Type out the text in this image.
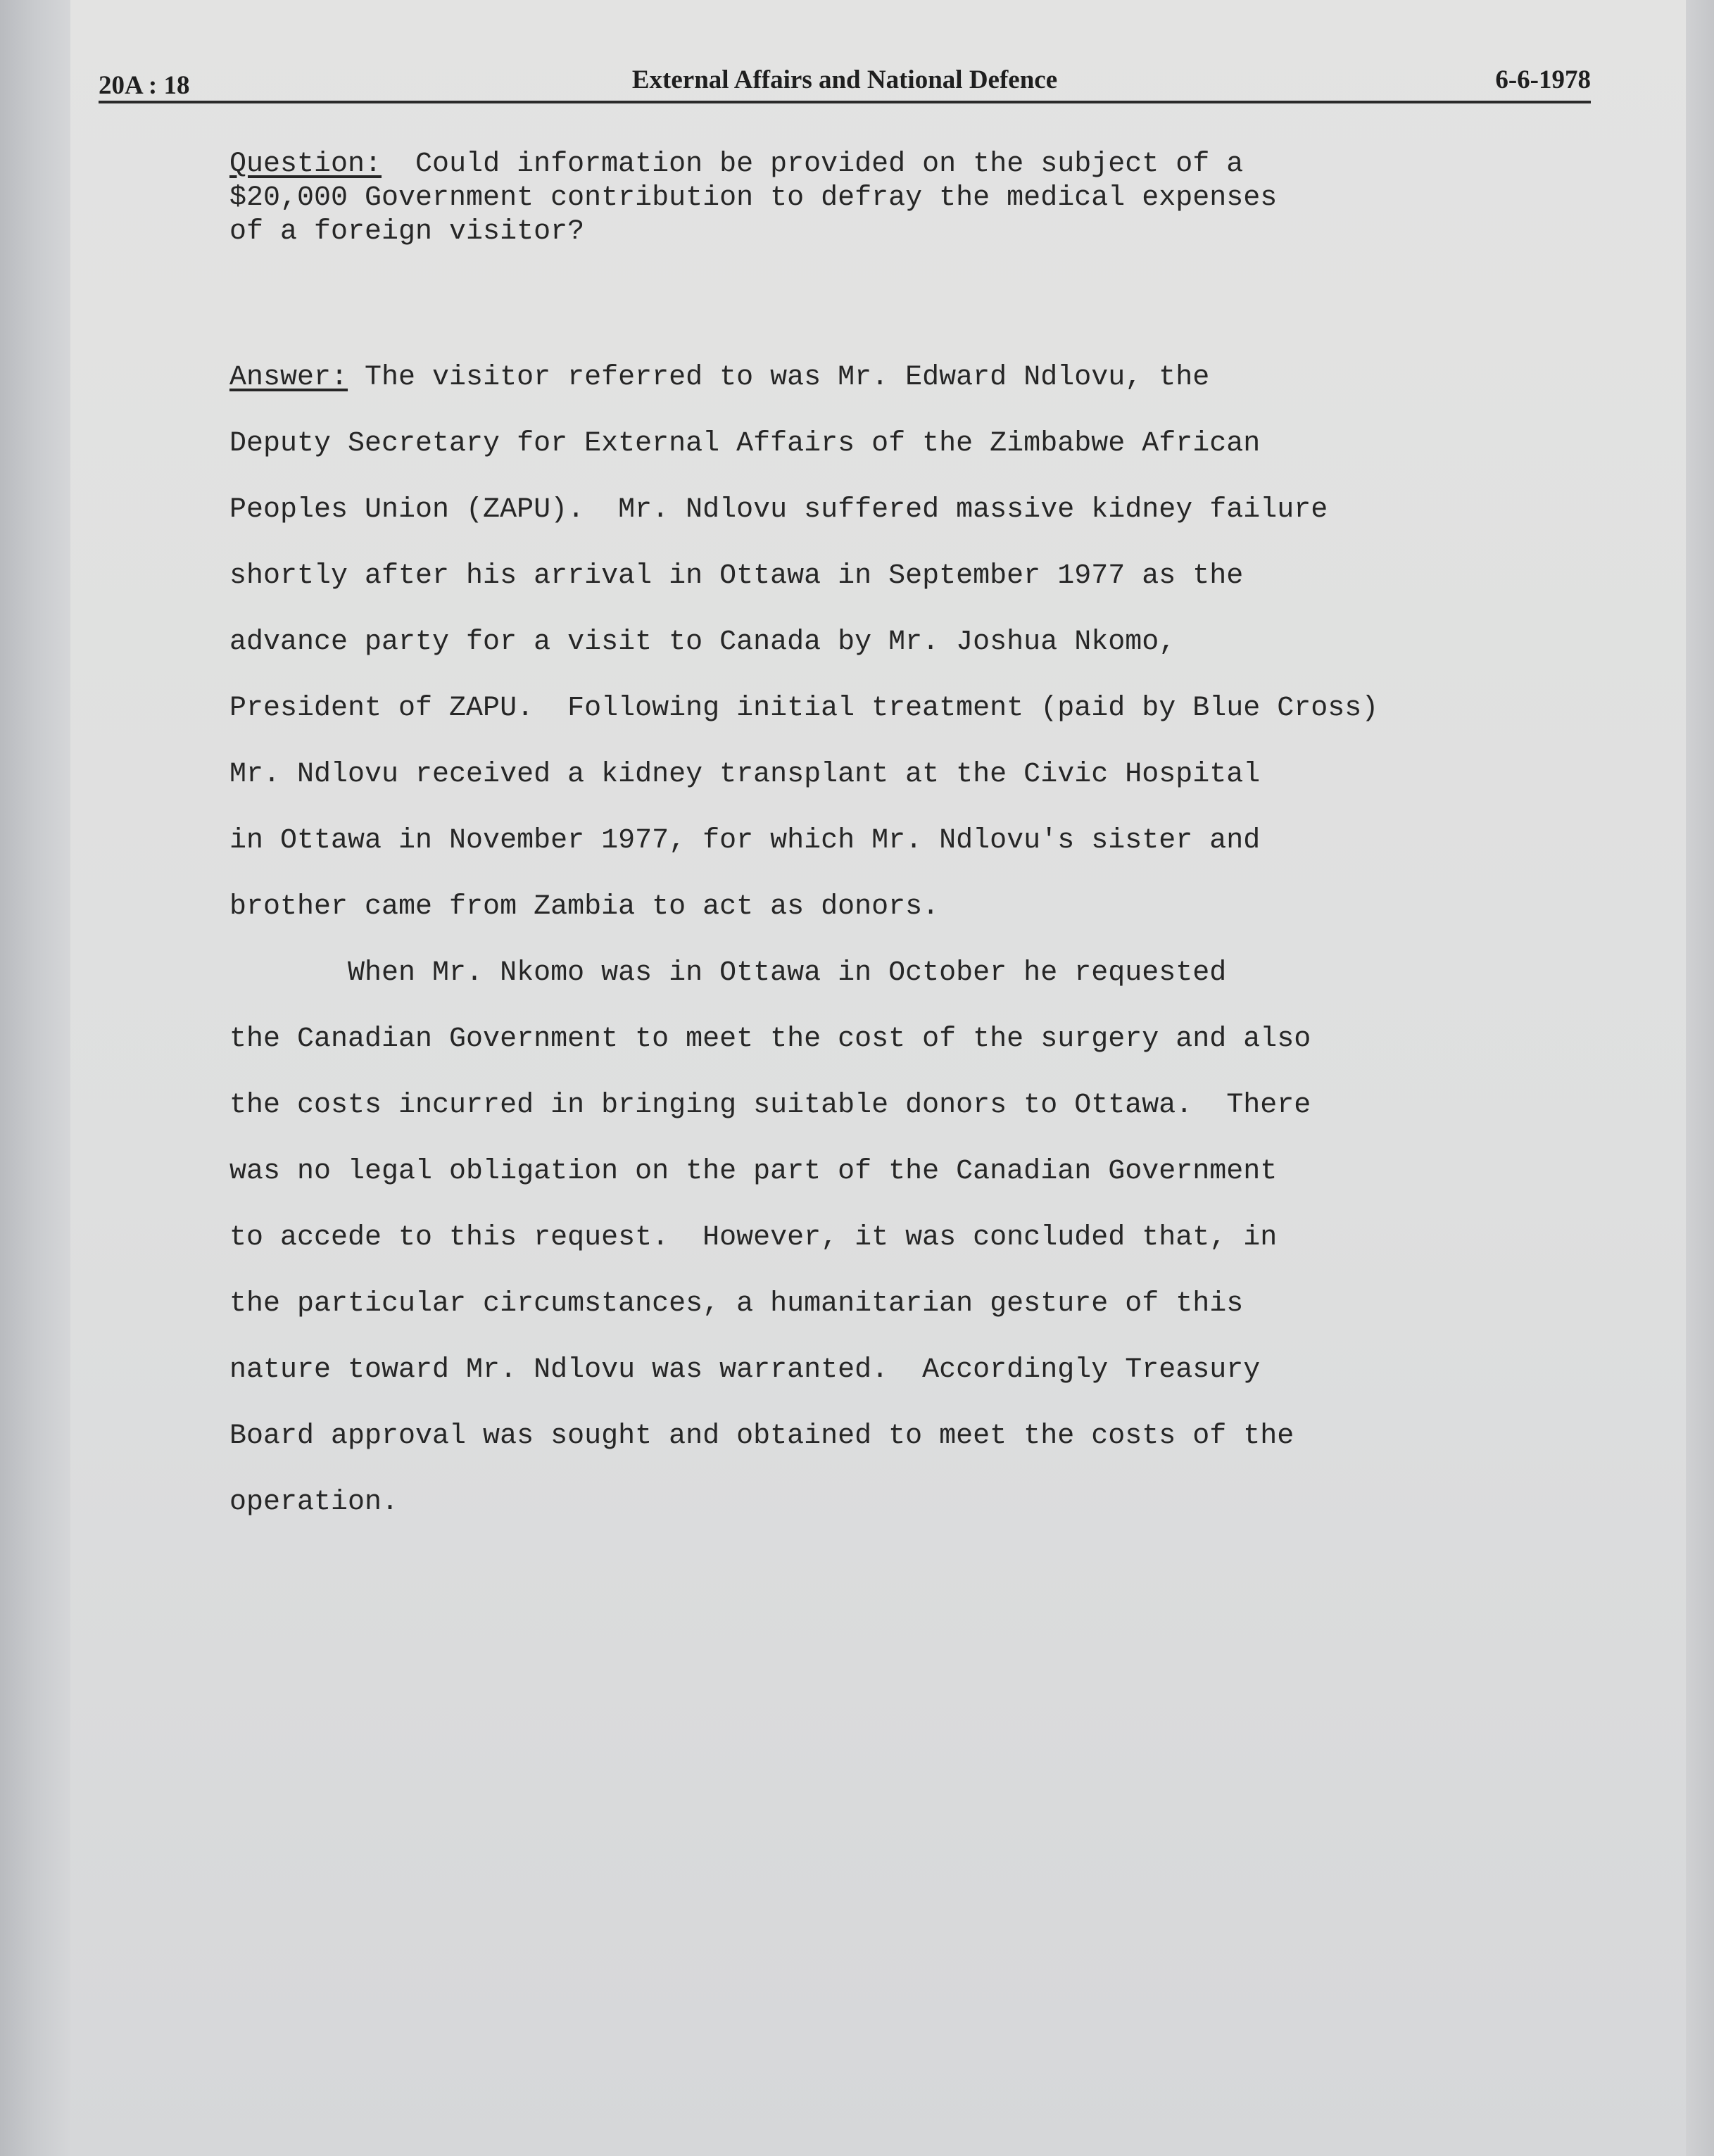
20A : 18	External Affairs and National Defence	6-6-1978
Question:  Could information be provided on the subject of a
$20,000 Government contribution to defray the medical expenses
of a foreign visitor?
Answer: The visitor referred to was Mr. Edward Ndlovu, the
Deputy Secretary for External Affairs of the Zimbabwe African
Peoples Union (ZAPU).  Mr. Ndlovu suffered massive kidney failure
shortly after his arrival in Ottawa in September 1977 as the
advance party for a visit to Canada by Mr. Joshua Nkomo,
President of ZAPU.  Following initial treatment (paid by Blue Cross)
Mr. Ndlovu received a kidney transplant at the Civic Hospital
in Ottawa in November 1977, for which Mr. Ndlovu's sister and
brother came from Zambia to act as donors.
When Mr. Nkomo was in Ottawa in October he requested
the Canadian Government to meet the cost of the surgery and also
the costs incurred in bringing suitable donors to Ottawa.  There
was no legal obligation on the part of the Canadian Government
to accede to this request.  However, it was concluded that, in
the particular circumstances, a humanitarian gesture of this
nature toward Mr. Ndlovu was warranted.  Accordingly Treasury
Board approval was sought and obtained to meet the costs of the
operation.
